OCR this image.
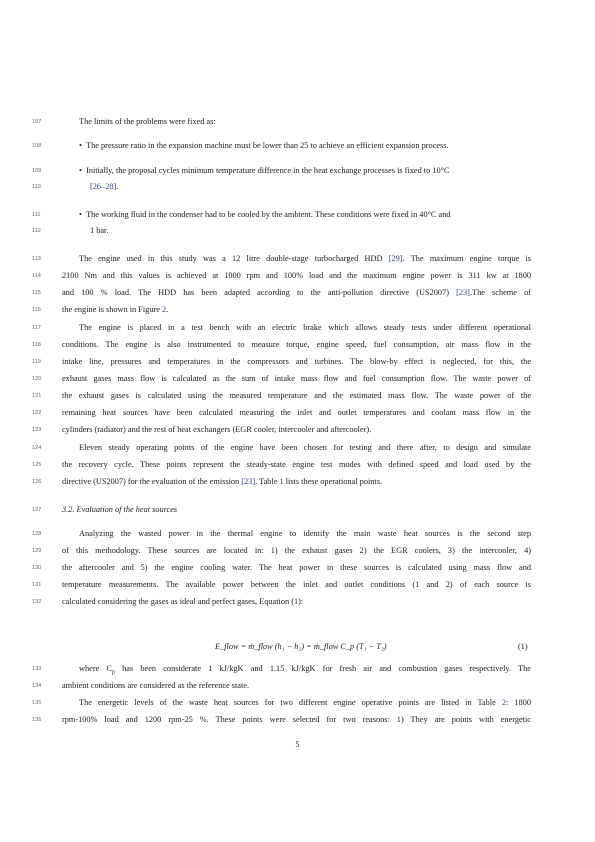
107
108
109
110
111
112
113
114
115
116
117
118
119
120
121
122
123
124
125
126
127
128
129
130
131
132
133
134
135
136
The limits of the problems were fixed as:
•  The pressure ratio in the expansion machine must be lower than 25 to achieve an efficient expansion process.
•  Initially, the proposal cycles minimum temperature difference in the heat exchange processes is fixed to 10°C
[26–28].
•  The working fluid in the condenser had to be cooled by the ambient. These conditions were fixed in 40°C and
1 bar.
The engine used in this study was a 12 litre double-stage turbocharged HDD [29]. The maximum engine torque is
2100 Nm and this values is achieved at 1000 rpm and 100% load and the maximum engine power is 311 kw at 1800
and 100 % load. The HDD has been adapted according to the anti-pollution directive (US2007) [23].The scheme of
the engine is shown in Figure 2.
The engine is placed in a test bench with an electric brake which allows steady tests under different operational
conditions. The engine is also instrumented to measure torque, engine speed, fuel consumption, air mass flow in the
intake line, pressures and temperatures in the compressors and turbines. The blow-by effect is neglected, for this, the
exhaust gases mass flow is calculated as the sum of intake mass flow and fuel consumption flow. The waste power of
the exhaust gases is calculated using the measured temperature and the estimated mass flow. The waste power of the
remaining heat sources have been calculated measuring the inlet and outlet temperatures and coolant mass flow in the
cylinders (radiator) and the rest of heat exchangers (EGR cooler, intercooler and aftercooler).
Eleven steady operating points of the engine have been chosen for testing and there after, to design and simulate
the recovery cycle. These points represent the steady-state engine test modes with defined speed and load used by the
directive (US2007) for the evaluation of the emission [23]. Table 1 lists these operational points.
3.2. Evaluation of the heat sources
Analyzing the wasted power in the thermal engine to identify the main waste heat sources is the second step
of this methodology. These sources are located in: 1) the exhaust gases 2) the EGR coolers, 3) the intercooler, 4)
the aftercooler and 5) the engine cooling water. The heat power in these sources is calculated using mass flow and
temperature measurements. The available power between the inlet and outlet conditions (1 and 2) of each source is
calculated considering the gases as ideal and perfect gases, Equation (1):
E_flow = ṁ_flow (h₁ − h₂) = ṁ_flow C_p (T₁ − T₂)	(1)
where $C_p$ has been considerate 1 kJ/kgK and 1.15 kJ/kgK for fresh air and combustion gases respectively. The
ambient conditions are considered as the reference state.
The energetic levels of the waste heat sources for two different engine operative points are listed in Table 2: 1800
rpm-100% load and 1200 rpm-25 %. These points were selected for two reasons: 1) They are points with energetic
5
